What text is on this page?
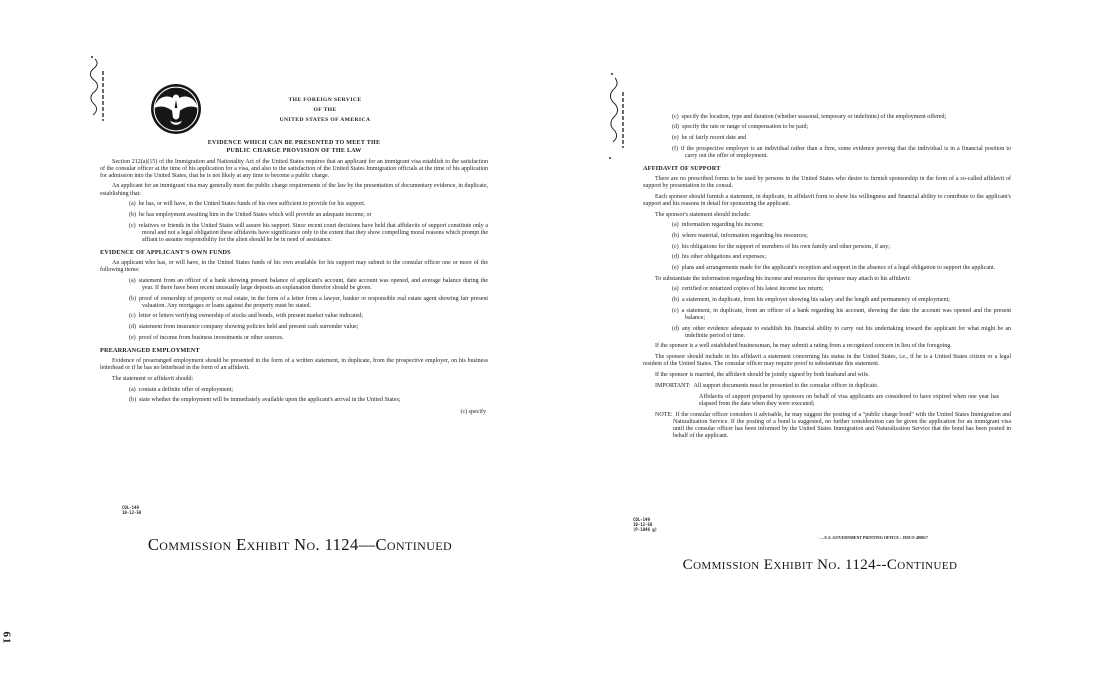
THE FOREIGN SERVICE
OF THE
UNITED STATES OF AMERICA
EVIDENCE WHICH CAN BE PRESENTED TO MEET THE
PUBLIC CHARGE PROVISION OF THE LAW
Section 212(a)(15) of the Immigration and Nationality Act of the United States requires that an applicant for an immigrant visa establish to the satisfaction of the consular officer at the time of his application for a visa, and also to the satisfaction of the United States Immigration officials at the time of his application for admission into the United States, that he is not likely at any time to become a public charge.
An applicant for an immigrant visa may generally meet the public charge requirements of the law by the presentation of documentary evidence, in duplicate, establishing that:
(a) he has, or will have, in the United States funds of his own sufficient to provide for his support.
(b) he has employment awaiting him in the United States which will provide an adequate income; or
(c) relatives or friends in the United States will assure his support. Since recent court decisions have held that affidavits of support constitute only a moral and not a legal obligation these affidavits have significance only to the extent that they show compelling moral reasons which prompt the affiant to assume responsibility for the alien should he be in need of assistance.
EVIDENCE OF APPLICANT'S OWN FUNDS
An applicant who has, or will have, in the United States funds of his own available for his support may submit to the consular officer one or more of the following items:
(a) statement from an officer of a bank showing present balance of applicant's account, date account was opened, and average balance during the year. If there have been recent unusually large deposits an explanation therefor should be given.
(b) proof of ownership of property or real estate, in the form of a letter from a lawyer, banker or responsible real estate agent showing fair present valuation. Any mortgages or loans against the property must be stated.
(c) letter or letters verifying ownership of stocks and bonds, with present market value indicated;
(d) statement from insurance company showing policies held and present cash surrender value;
(e) proof of income from business investments or other sources.
PREARRANGED EMPLOYMENT
Evidence of prearranged employment should be presented in the form of a written statement, in duplicate, from the prospective employer, on his business letterhead or if he has no letterhead in the form of an affidavit.
The statement or affidavit should:
(a) contain a definite offer of employment;
(b) state whether the employment will be immediately available upon the applicant's arrival in the United States;
(c) specify
COL-149
10-12-58
Commission Exhibit No. 1124—Continued
(c) specify the location, type and duration (whether seasonal, temporary or indefinite) of the employment offered;
(d) specify the rate or range of compensation to be paid;
(e) be of fairly recent date and
(f) if the prospective employer is an individual rather than a firm, some evidence proving that the individual is in a financial position to carry out the offer of employment.
AFFIDAVIT OF SUPPORT
There are no prescribed forms to be used by persons in the United States who desire to furnish sponsorship in the form of a so-called affidavit of support by presentation to the consul.
Each sponsor should furnish a statement, in duplicate, in affidavit form to show his willingness and financial ability to contribute to the applicant's support and his reasons in detail for sponsoring the applicant.
The sponsor's statement should include:
(a) information regarding his income;
(b) where material, information regarding his resources;
(c) his obligations for the support of members of his own family and other persons, if any;
(d) his other obligations and expenses;
(e) plans and arrangements made for the applicant's reception and support in the absence of a legal obligation to support the applicant.
To substantiate the information regarding his income and resources the sponsor may attach to his affidavit:
(a) certified or notarized copies of his latest income tax return;
(b) a statement, in duplicate, from his employer showing his salary and the length and permanency of employment;
(c) a statement, in duplicate, from an officer of a bank regarding his account, showing the date the account was opened and the present balance;
(d) any other evidence adequate to establish his financial ability to carry out his undertaking toward the applicant for what might be an indefinite period of time.
If the sponsor is a well established businessman, he may submit a rating from a recognized concern in lieu of the foregoing.
The sponsor should include in his affidavit a statement concerning his status in the United States, i.e., if he is a United States citizen or a legal resident of the United States. The consular officer may require proof to substantiate this statement.
If the sponsor is married, the affidavit should be jointly signed by both husband and wife.
IMPORTANT: All support documents must be presented to the consular officer in duplicate.
Affidavits of support prepared by sponsors on behalf of visa applicants are considered to have expired when one year has elapsed from the date when they were executed;
NOTE: If the consular officer considers it advisable, he may suggest the posting of a "public charge bond" with the United States Immigration and Naturalization Service. If the posting of a bond is suggested, no further consideration can be given the application for an immigrant visa until the consular officer has been informed by the United States Immigration and Naturalization Service that the bond has been posted in behalf of the applicant.
COL-149
10-12-58
(P-1046 g)
· —U.S. GOVERNMENT PRINTING OFFICE : 1958 O-480017
Commission Exhibit No. 1124--Continued
61
